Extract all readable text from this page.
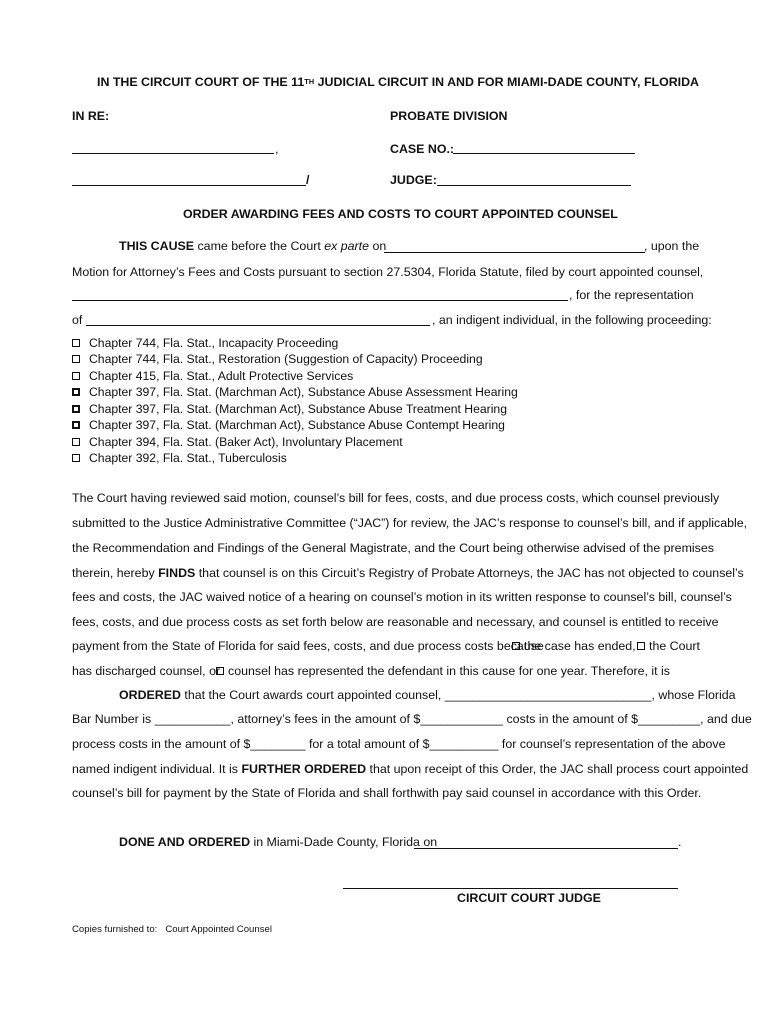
IN THE CIRCUIT COURT OF THE 11TH JUDICIAL CIRCUIT IN AND FOR MIAMI-DADE COUNTY, FLORIDA
IN RE:	PROBATE DIVISION
,	CASE NO.:
/	JUDGE:
ORDER AWARDING FEES AND COSTS TO COURT APPOINTED COUNSEL
THIS CAUSE came before the Court ex parte on	, upon the
Motion for Attorney’s Fees and Costs pursuant to section 27.5304, Florida Statute, filed by court appointed counsel,
, for the representation
of	, an indigent individual, in the following proceeding:
Chapter 744, Fla. Stat., Incapacity Proceeding
Chapter 744, Fla. Stat., Restoration (Suggestion of Capacity) Proceeding
Chapter 415, Fla. Stat., Adult Protective Services
Chapter 397, Fla. Stat. (Marchman Act), Substance Abuse Assessment Hearing
Chapter 397, Fla. Stat. (Marchman Act), Substance Abuse Treatment Hearing
Chapter 397, Fla. Stat. (Marchman Act), Substance Abuse Contempt Hearing
Chapter 394, Fla. Stat. (Baker Act), Involuntary Placement
Chapter 392, Fla. Stat., Tuberculosis
The Court having reviewed said motion, counsel’s bill for fees, costs, and due process costs, which counsel previously
submitted to the Justice Administrative Committee (“JAC”) for review, the JAC’s response to counsel’s bill, and if applicable,
the Recommendation and Findings of the General Magistrate, and the Court being otherwise advised of the premises
therein, hereby FINDS that counsel is on this Circuit’s Registry of Probate Attorneys, the JAC has not objected to counsel’s
fees and costs, the JAC waived notice of a hearing on counsel’s motion in its written response to counsel’s bill, counsel’s
fees, costs, and due process costs as set forth below are reasonable and necessary, and counsel is entitled to receive
payment from the State of Florida for said fees, costs, and due process costs because
the case has ended,	the Court
has discharged counsel, or counsel has represented the defendant in this cause for one year. Therefore, it is
ORDERED that the Court awards court appointed counsel, ______________________________, whose Florida
Bar Number is ___________, attorney’s fees in the amount of $____________ costs in the amount of $_________, and due
process costs in the amount of $________ for a total amount of $__________ for counsel’s representation of the above
named indigent individual. It is FURTHER ORDERED that upon receipt of this Order, the JAC shall process court appointed
counsel’s bill for payment by the State of Florida and shall forthwith pay said counsel in accordance with this Order.
DONE AND ORDERED in Miami-Dade County, Florida on	.
CIRCUIT COURT JUDGE
Copies furnished to: Court Appointed Counsel
